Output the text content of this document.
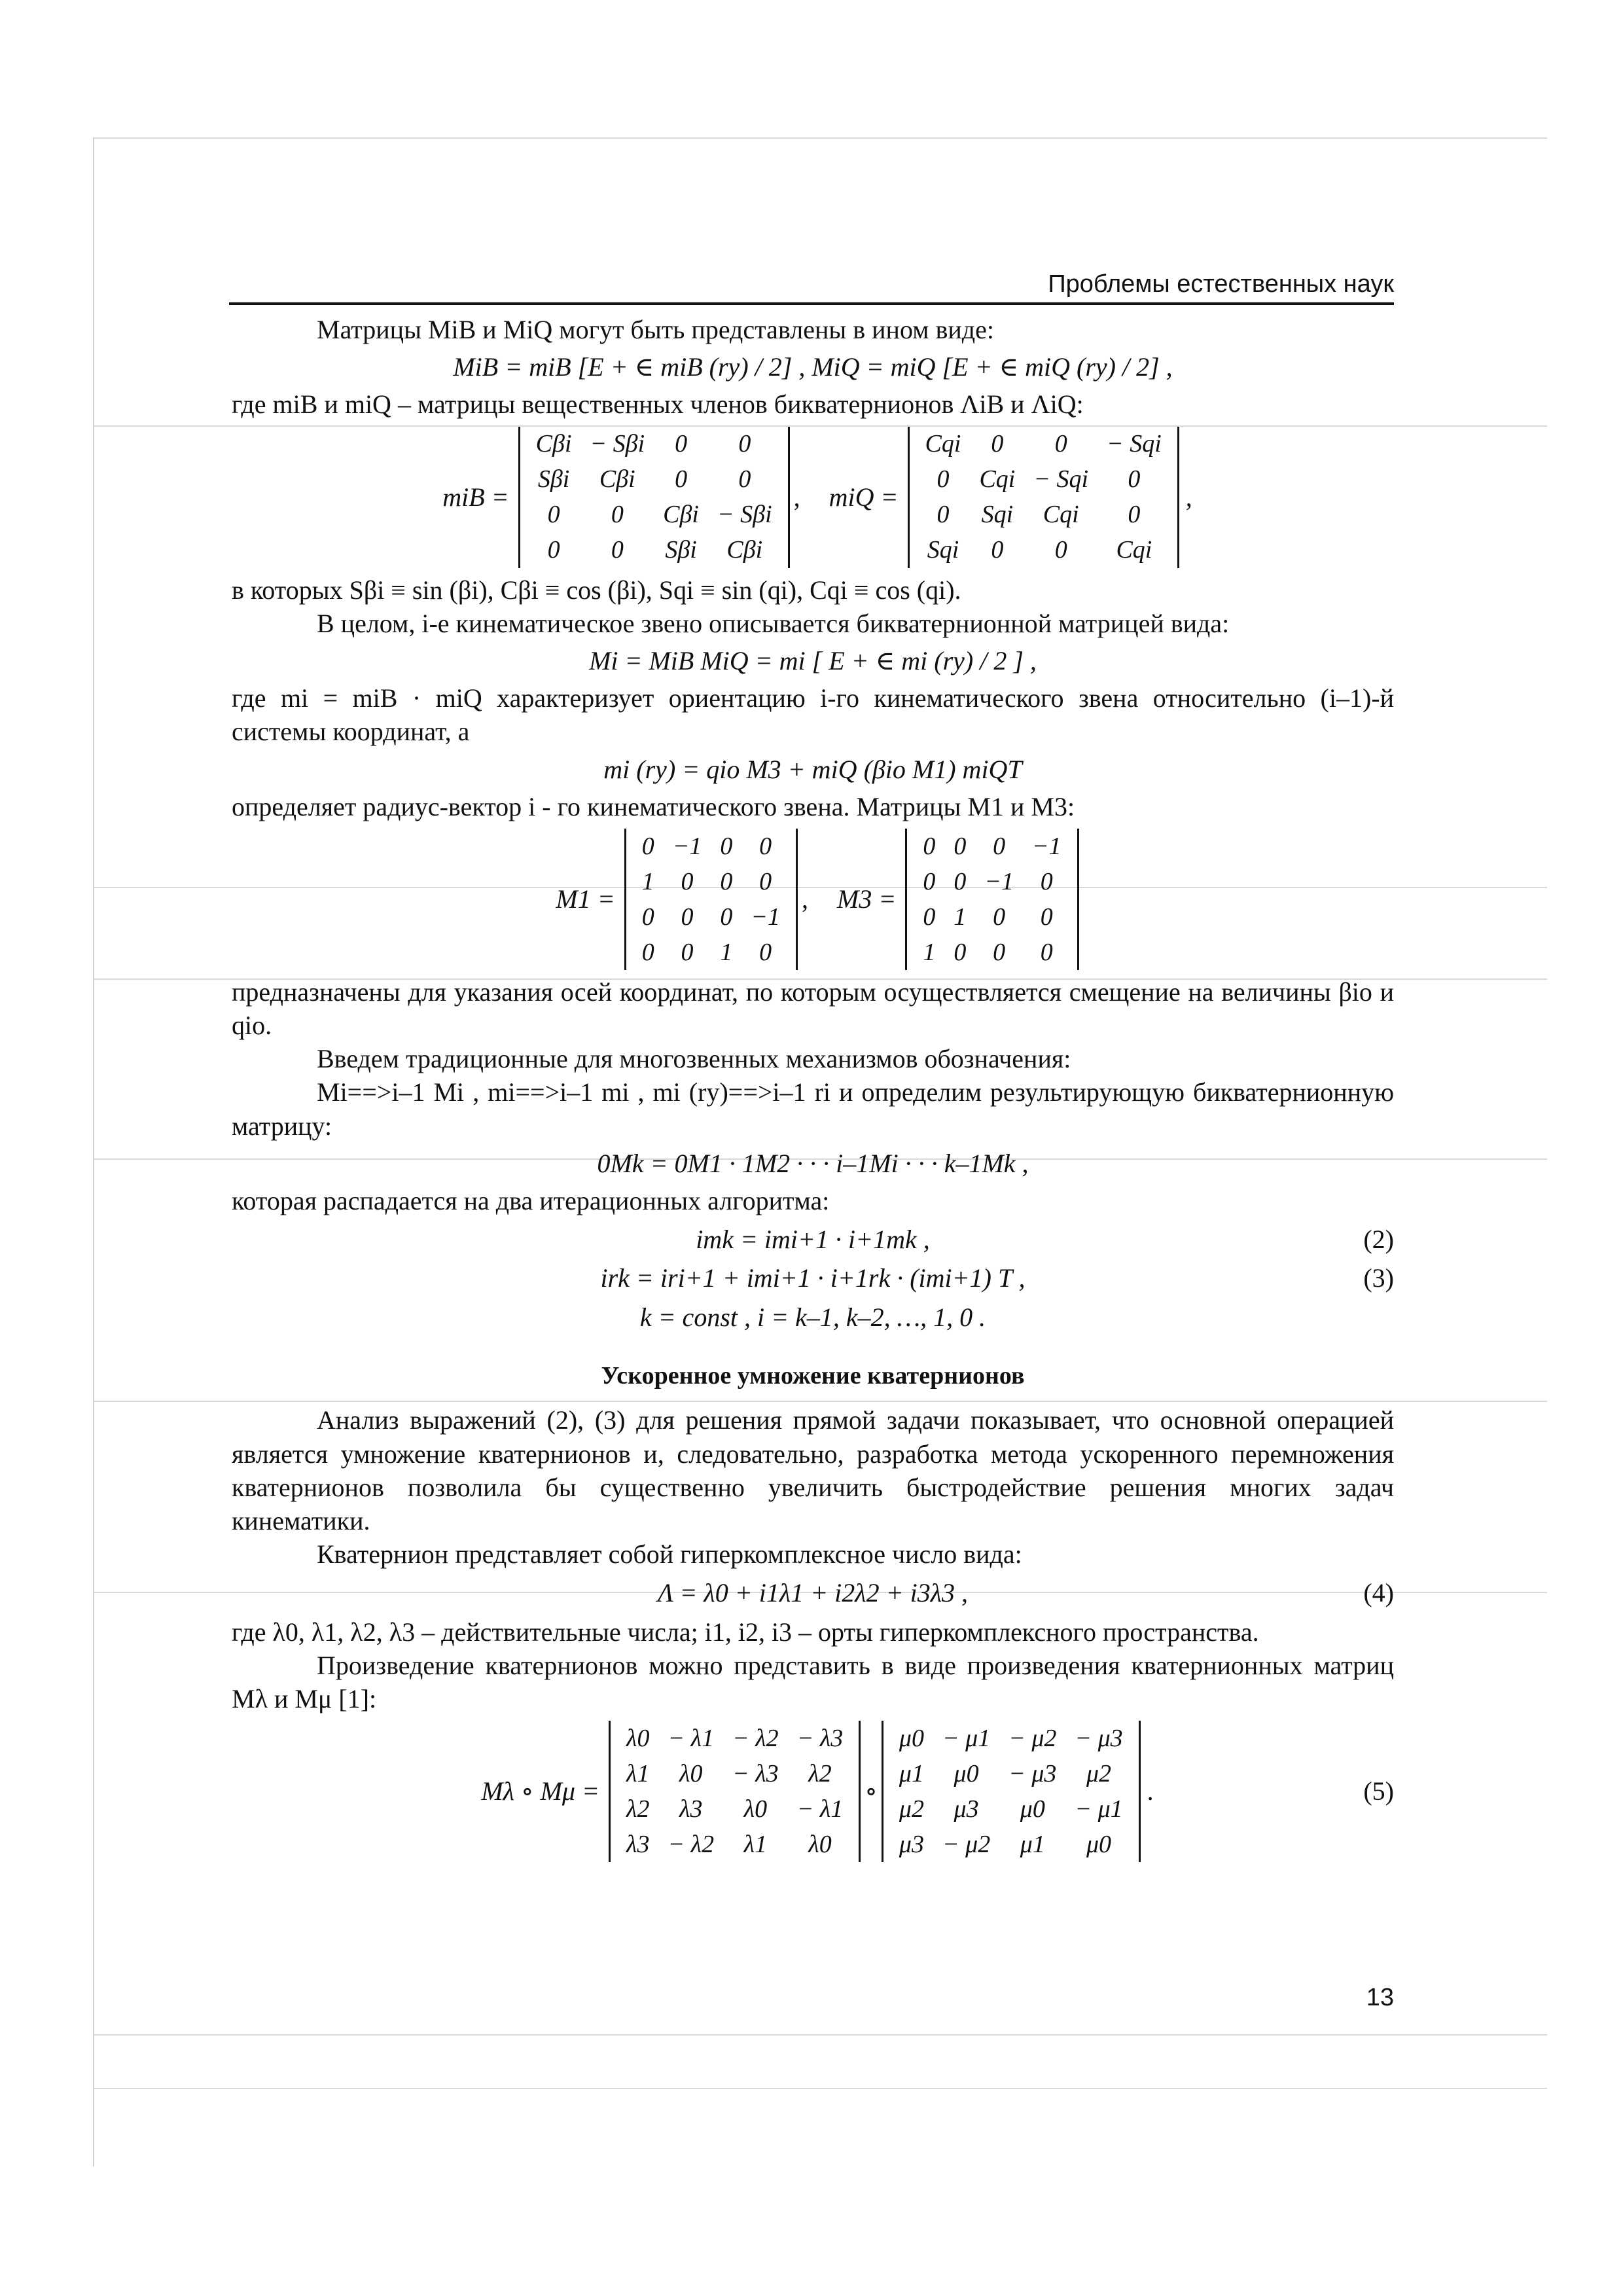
Проблемы естественных наук

Матрицы MiB и MiQ могут быть представлены в ином виде:

MiB = miB [E + ∈ miB (ry) / 2] , MiQ = miQ [E + ∈ miQ (ry) / 2] ,

где miB и miQ – матрицы вещественных членов бикватернионов ΛiB и ΛiQ:

miB =
Cβi	− Sβi	0	0
Sβi	Cβi	0	0
0	0	Cβi	− Sβi
0	0	Sβi	Cβi
, miQ =
Cqi	0	0	− Sqi
0	Cqi	− Sqi	0
0	Sqi	Cqi	0
Sqi	0	0	Cqi
,

в которых Sβi ≡ sin (βi), Cβi ≡ cos (βi), Sqi ≡ sin (qi), Cqi ≡ cos (qi).

В целом, i-е кинематическое звено описывается бикватернионной матрицей вида:

Mi = MiB MiQ = mi [ E + ∈ mi (ry) / 2 ] ,

где mi = miB · miQ характеризует ориентацию i-го кинематического звена относительно (i–1)-й системы координат, а

mi (ry) = qio M3 + miQ (βio M1) miQT

определяет радиус-вектор i - го кинематического звена. Матрицы M1 и M3:

M1 =
0	−1	0	0
1	0	0	0
0	0	0	−1
0	0	1	0
, M3 =
0	0	0	−1
0	0	−1	0
0	1	0	0
1	0	0	0

предназначены для указания осей координат, по которым осуществляется смещение на величины βio и qio.

Введем традиционные для многозвенных механизмов обозначения:

Mi==>i–1 Mi , mi==>i–1 mi , mi (ry)==>i–1 ri и определим результирующую бикватернионную матрицу:

0Mk = 0M1 · 1M2 · · · i–1Mi · · · k–1Mk ,

которая распадается на два итерационных алгоритма:

imk = imi+1 · i+1mk ,	(2)
irk = iri+1 + imi+1 · i+1rk · (imi+1) T ,	(3)
k = const , i = k–1, k–2, …, 1, 0 .
Ускоренное умножение кватернионов

Анализ выражений (2), (3) для решения прямой задачи показывает, что основной операцией является умножение кватернионов и, следовательно, разработка метода ускоренного перемножения кватернионов позволила бы существенно увеличить быстродействие решения многих задач кинематики.

Кватернион представляет собой гиперкомплексное число вида:

Λ = λ0 + i1λ1 + i2λ2 + i3λ3 ,	(4)

где λ0, λ1, λ2, λ3 – действительные числа; i1, i2, i3 – орты гиперкомплексного пространства.

Произведение кватернионов можно представить в виде произведения кватернионных матриц Mλ и Mμ [1]:

Mλ ∘ Mμ =
λ0	− λ1	− λ2	− λ3
λ1	λ0	− λ3	λ2
λ2	λ3	λ0	− λ1
λ3	− λ2	λ1	λ0
∘
μ0	− μ1	− μ2	− μ3
μ1	μ0	− μ3	μ2
μ2	μ3	μ0	− μ1
μ3	− μ2	μ1	μ0
.	(5)
13
